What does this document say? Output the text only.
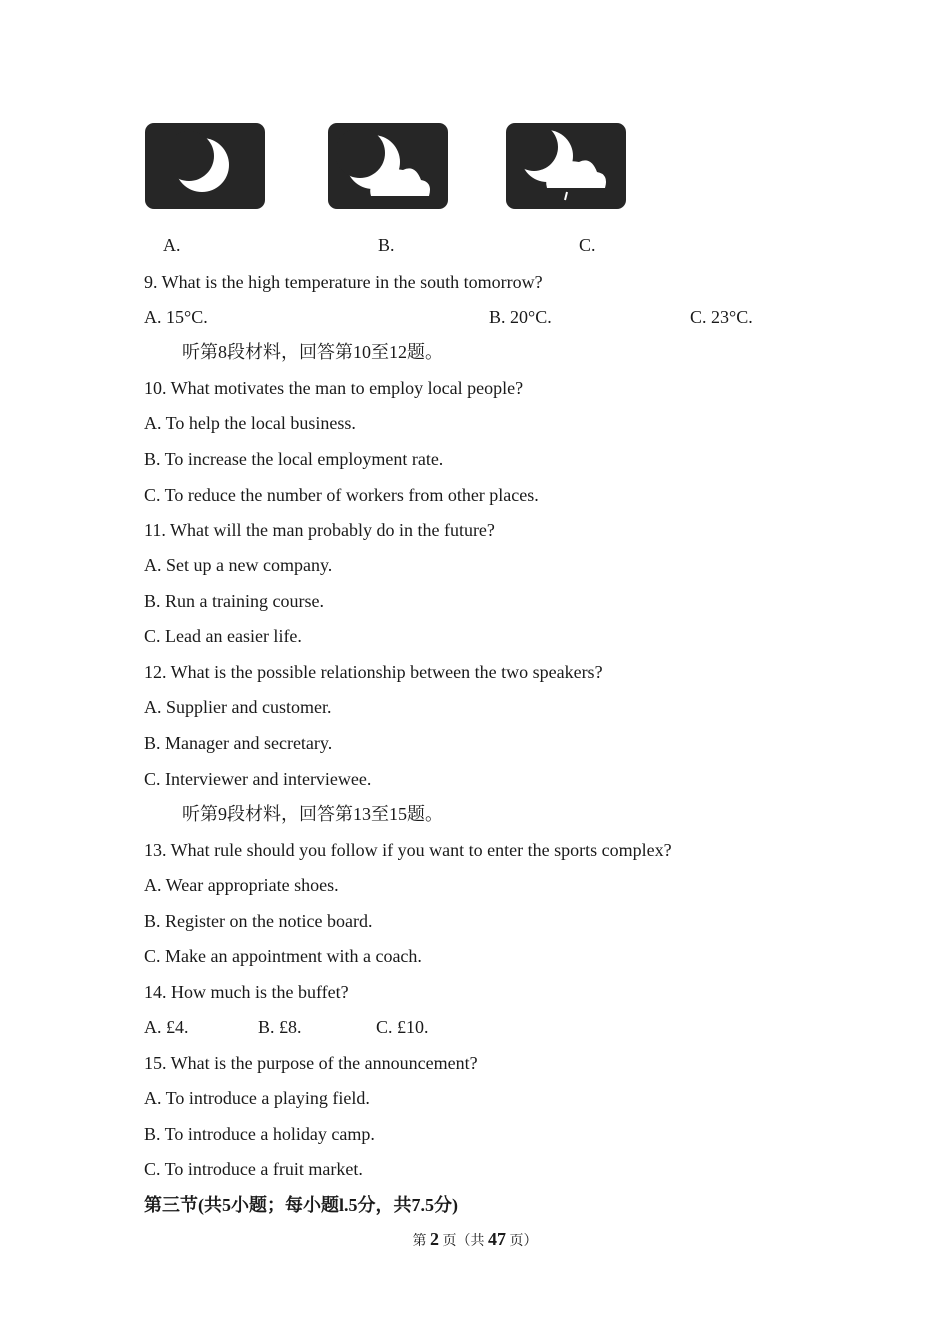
A.	B.	C.
9. What is the high temperature in the south tomorrow?
A. 15°C.	B. 20°C.	C. 23°C.
听第8段材料，回答第10至12题。
10. What motivates the man to employ local people?
A. To help the local business.
B. To increase the local employment rate.
C. To reduce the number of workers from other places.
11. What will the man probably do in the future?
A. Set up a new company.
B. Run a training course.
C. Lead an easier life.
12. What is the possible relationship between the two speakers?
A. Supplier and customer.
B. Manager and secretary.
C. Interviewer and interviewee.
听第9段材料，回答第13至15题。
13. What rule should you follow if you want to enter the sports complex?
A. Wear appropriate shoes.
B. Register on the notice board.
C. Make an appointment with a coach.
14. How much is the buffet?
A. £4.	B. £8.	C. £10.
15. What is the purpose of the announcement?
A. To introduce a playing field.
B. To introduce a holiday camp.
C. To introduce a fruit market.
第三节(共5小题；每小题l.5分，共7.5分)
第 2 页（共 47 页）
